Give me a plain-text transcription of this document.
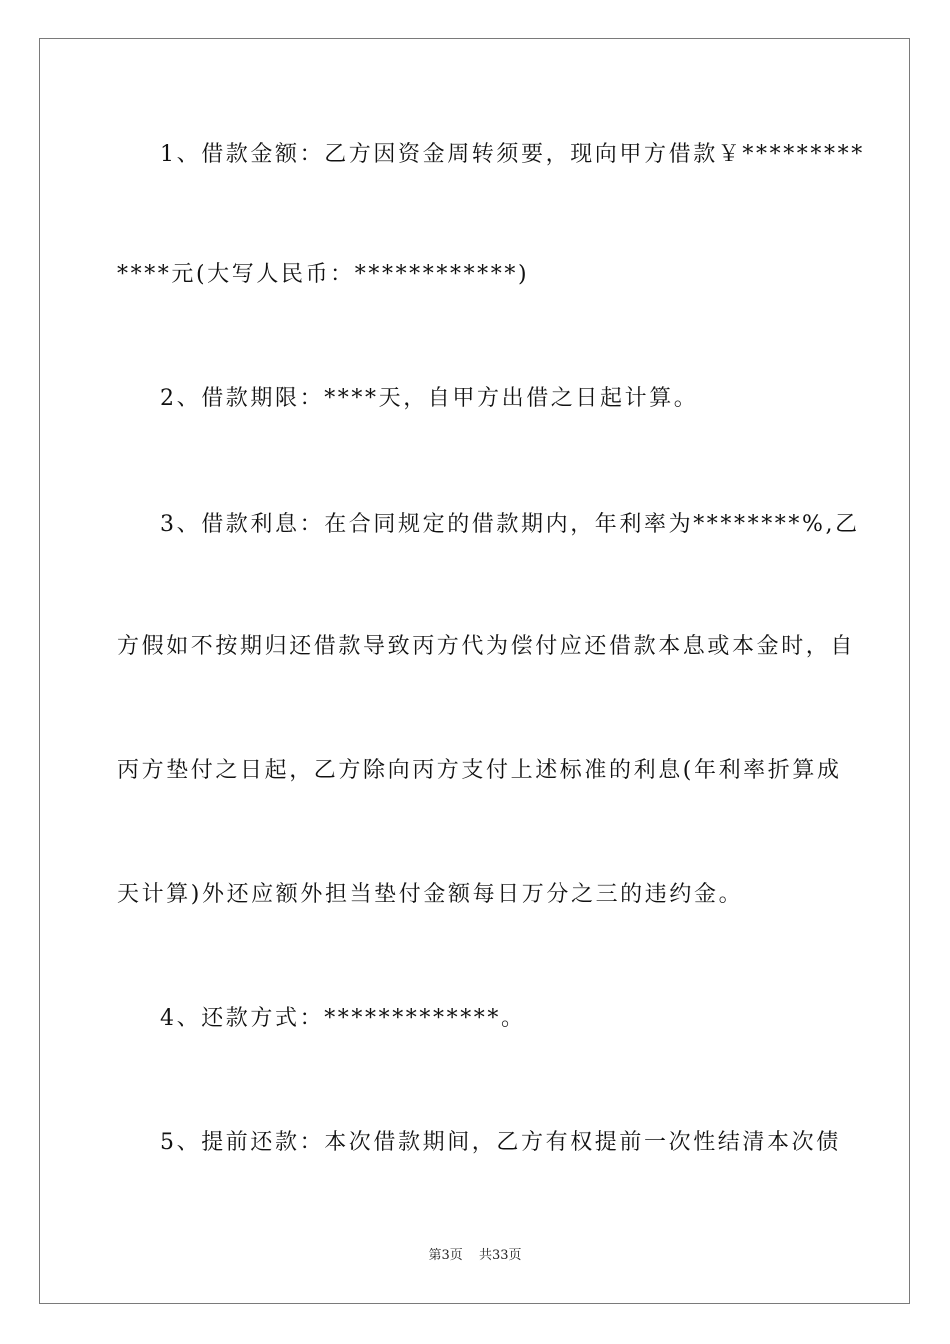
1、借款金额：乙方因资金周转须要，现向甲方借款￥*********
****元(大写人民币：************)
2、借款期限：****天，自甲方出借之日起计算。
3、借款利息：在合同规定的借款期内，年利率为********%,乙
方假如不按期归还借款导致丙方代为偿付应还借款本息或本金时，自
丙方垫付之日起，乙方除向丙方支付上述标准的利息(年利率折算成
天计算)外还应额外担当垫付金额每日万分之三的违约金。
4、还款方式：*************。
5、提前还款：本次借款期间，乙方有权提前一次性结清本次债
第3页 共33页
